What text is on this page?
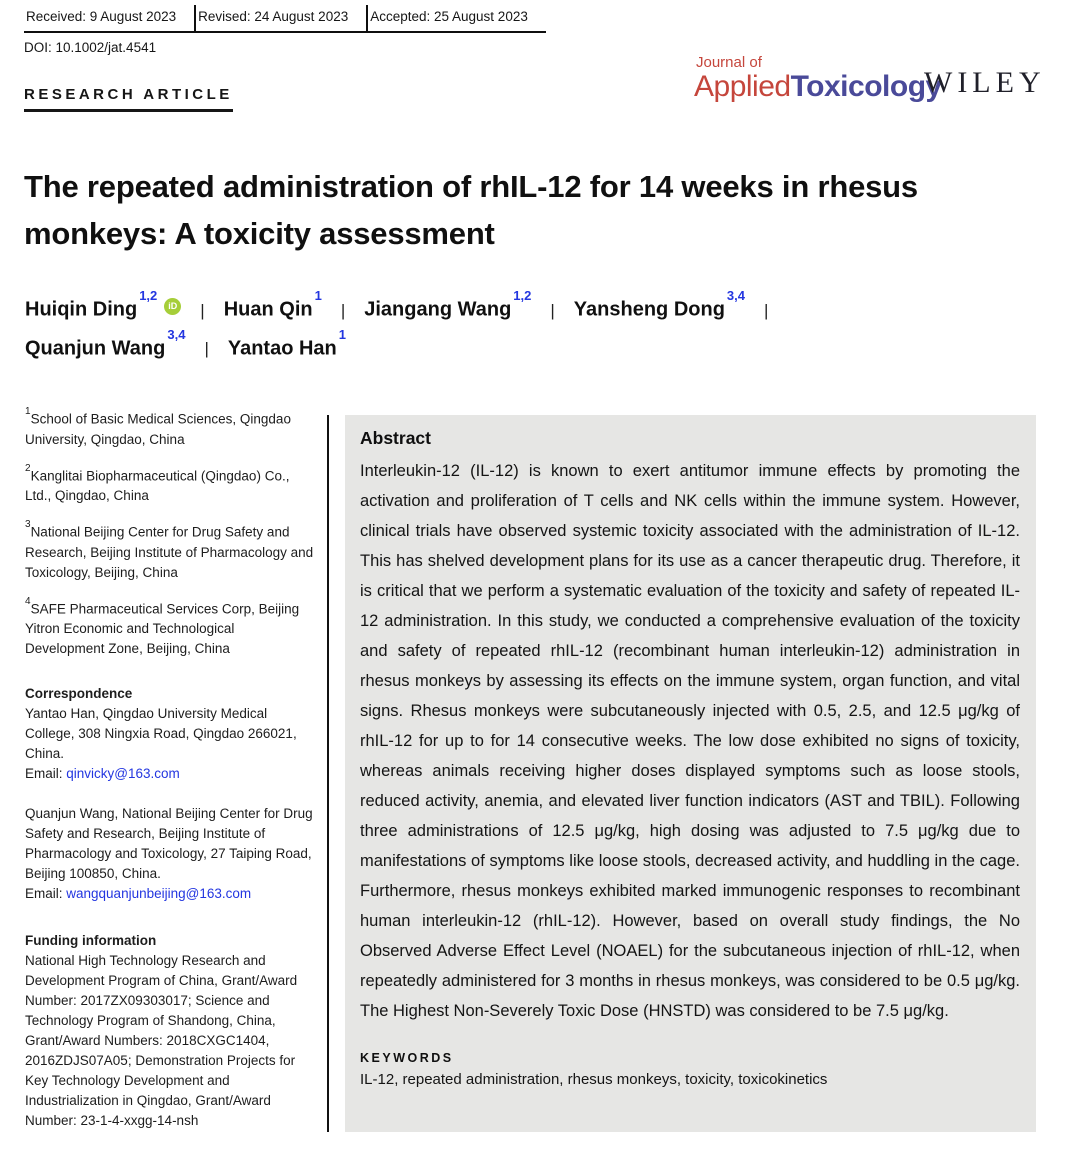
Received: 9 August 2023	Revised: 24 August 2023	Accepted: 25 August 2023
DOI: 10.1002/jat.4541
Journal of
AppliedToxicology
WILEY
RESEARCH ARTICLE
The repeated administration of rhIL-12 for 14 weeks in rhesus monkeys: A toxicity assessment
Huiqin Ding$^{1,2}$iD | Huan Qin$^1$
| Jiangang Wang$^{1,2}$
| Yansheng Dong$^{3,4}$
|
Quanjun Wang$^{3,4}$
| Yantao Han$^1$
$^1$School of Basic Medical Sciences, Qingdao University, Qingdao, China
$^2$Kanglitai Biopharmaceutical (Qingdao) Co., Ltd., Qingdao, China
$^3$National Beijing Center for Drug Safety and Research, Beijing Institute of Pharmacology and Toxicology, Beijing, China
$^4$SAFE Pharmaceutical Services Corp, Beijing Yitron Economic and Technological Development Zone, Beijing, China
Correspondence
Yantao Han, Qingdao University Medical College, 308 Ningxia Road, Qingdao 266021, China.
Email: qinvicky@163.com
Quanjun Wang, National Beijing Center for Drug Safety and Research, Beijing Institute of Pharmacology and Toxicology, 27 Taiping Road, Beijing 100850, China.
Email: wangquanjunbeijing@163.com
Funding information
National High Technology Research and Development Program of China, Grant/Award Number: 2017ZX09303017; Science and Technology Program of Shandong, China, Grant/Award Numbers: 2018CXGC1404, 2016ZDJS07A05; Demonstration Projects for Key Technology Development and Industrialization in Qingdao, Grant/Award Number: 23-1-4-xxgg-14-nsh
Abstract
Interleukin-12 (IL-12) is known to exert antitumor immune effects by promoting the activation and proliferation of T cells and NK cells within the immune system. However, clinical trials have observed systemic toxicity associated with the administration of IL-12. This has shelved development plans for its use as a cancer therapeutic drug. Therefore, it is critical that we perform a systematic evaluation of the toxicity and safety of repeated IL-12 administration. In this study, we conducted a comprehensive evaluation of the toxicity and safety of repeated rhIL-12 (recombinant human interleukin-12) administration in rhesus monkeys by assessing its effects on the immune system, organ function, and vital signs. Rhesus monkeys were subcutaneously injected with 0.5, 2.5, and 12.5 μg/kg of rhIL-12 for up to for 14 consecutive weeks. The low dose exhibited no signs of toxicity, whereas animals receiving higher doses displayed symptoms such as loose stools, reduced activity, anemia, and elevated liver function indicators (AST and TBIL). Following three administrations of 12.5 μg/kg, high dosing was adjusted to 7.5 μg/kg due to manifestations of symptoms like loose stools, decreased activity, and huddling in the cage. Furthermore, rhesus monkeys exhibited marked immunogenic responses to recombinant human interleukin-12 (rhIL-12). However, based on overall study findings, the No Observed Adverse Effect Level (NOAEL) for the subcutaneous injection of rhIL-12, when repeatedly administered for 3 months in rhesus monkeys, was considered to be 0.5 μg/kg. The Highest Non-Severely Toxic Dose (HNSTD) was considered to be 7.5 μg/kg.
KEYWORDS
IL-12, repeated administration, rhesus monkeys, toxicity, toxicokinetics
